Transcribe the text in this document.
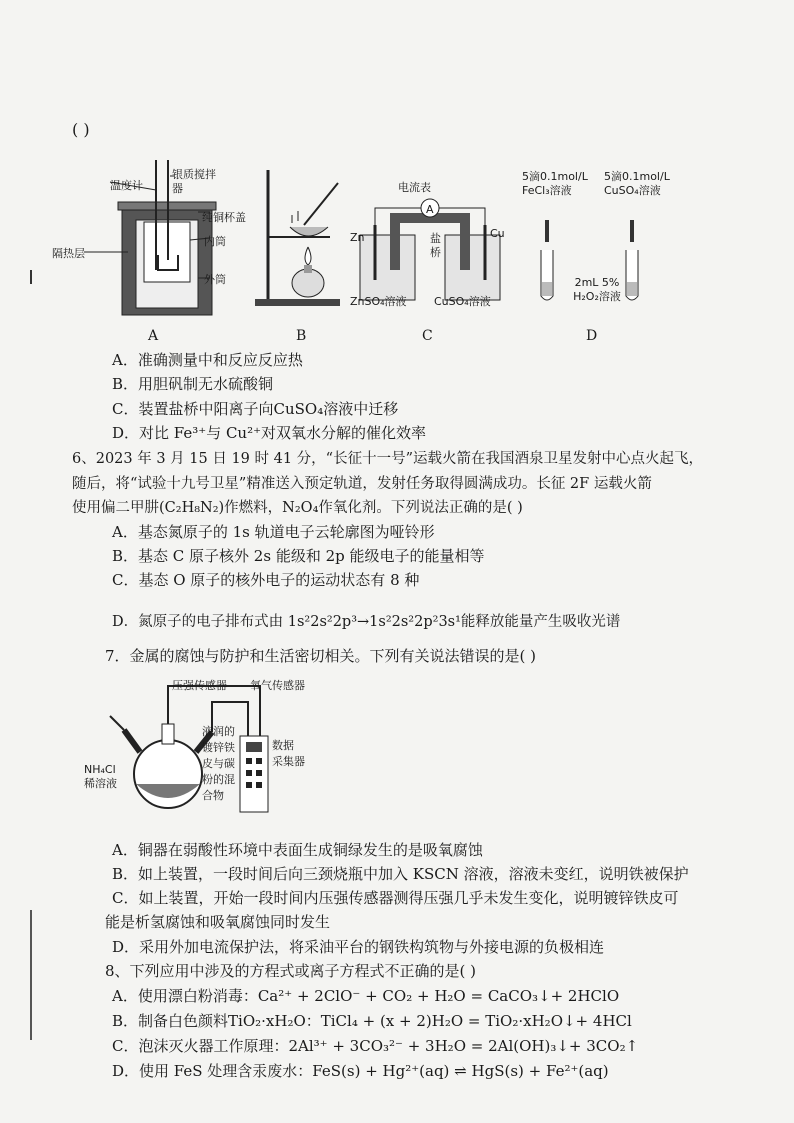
( )
温度计
银质搅拌器
纯铜杯盖
内筒
隔热层
外筒
电流表
A
Zn	Cu
盐桥
ZnSO₄溶液 CuSO₄溶液
5滴0.1mol/L FeCl₃溶液
5滴0.1mol/L CuSO₄溶液
2mL 5% H₂O₂溶液
A	B	C	D
A．准确测量中和反应反应热
B．用胆矾制无水硫酸铜
C．装置盐桥中阳离子向CuSO₄溶液中迁移
D．对比 Fe³⁺与 Cu²⁺对双氧水分解的催化效率
6、2023 年 3 月 15 日 19 时 41 分，“长征十一号”运载火箭在我国酒泉卫星发射中心点火起飞，
随后，将“试验十九号卫星”精准送入预定轨道，发射任务取得圆满成功。长征 2F 运载火箭
使用偏二甲肼(C₂H₈N₂)作燃料，N₂O₄作氧化剂。下列说法正确的是( )
A．基态氮原子的 1s 轨道电子云轮廓图为哑铃形
B．基态 C 原子核外 2s 能级和 2p 能级电子的能量相等
C．基态 O 原子的核外电子的运动状态有 8 种
D．氮原子的电子排布式由 1s²2s²2p³→1s²2s²2p²3s¹能释放能量产生吸收光谱
7．金属的腐蚀与防护和生活密切相关。下列有关说法错误的是( )
压强传感器 氧气传感器
NH₄Cl
稀溶液
液润的
镀锌铁
皮与碳
粉的混
合物
数据
采集器
A．铜器在弱酸性环境中表面生成铜绿发生的是吸氧腐蚀
B．如上装置，一段时间后向三颈烧瓶中加入 KSCN 溶液，溶液未变红，说明铁被保护
C．如上装置，开始一段时间内压强传感器测得压强几乎未发生变化，说明镀锌铁皮可
能是析氢腐蚀和吸氧腐蚀同时发生
D．采用外加电流保护法，将采油平台的钢铁构筑物与外接电源的负极相连
8、下列应用中涉及的方程式或离子方程式不正确的是( )
A．使用漂白粉消毒：Ca²⁺ + 2ClO⁻ + CO₂ + H₂O = CaCO₃↓+ 2HClO
B．制备白色颜料TiO₂·xH₂O：TiCl₄ + (x + 2)H₂O = TiO₂·xH₂O↓+ 4HCl
C．泡沫灭火器工作原理：2Al³⁺ + 3CO₃²⁻ + 3H₂O = 2Al(OH)₃↓+ 3CO₂↑
D．使用 FeS 处理含汞废水：FeS(s) + Hg²⁺(aq) ⇌ HgS(s) + Fe²⁺(aq)
